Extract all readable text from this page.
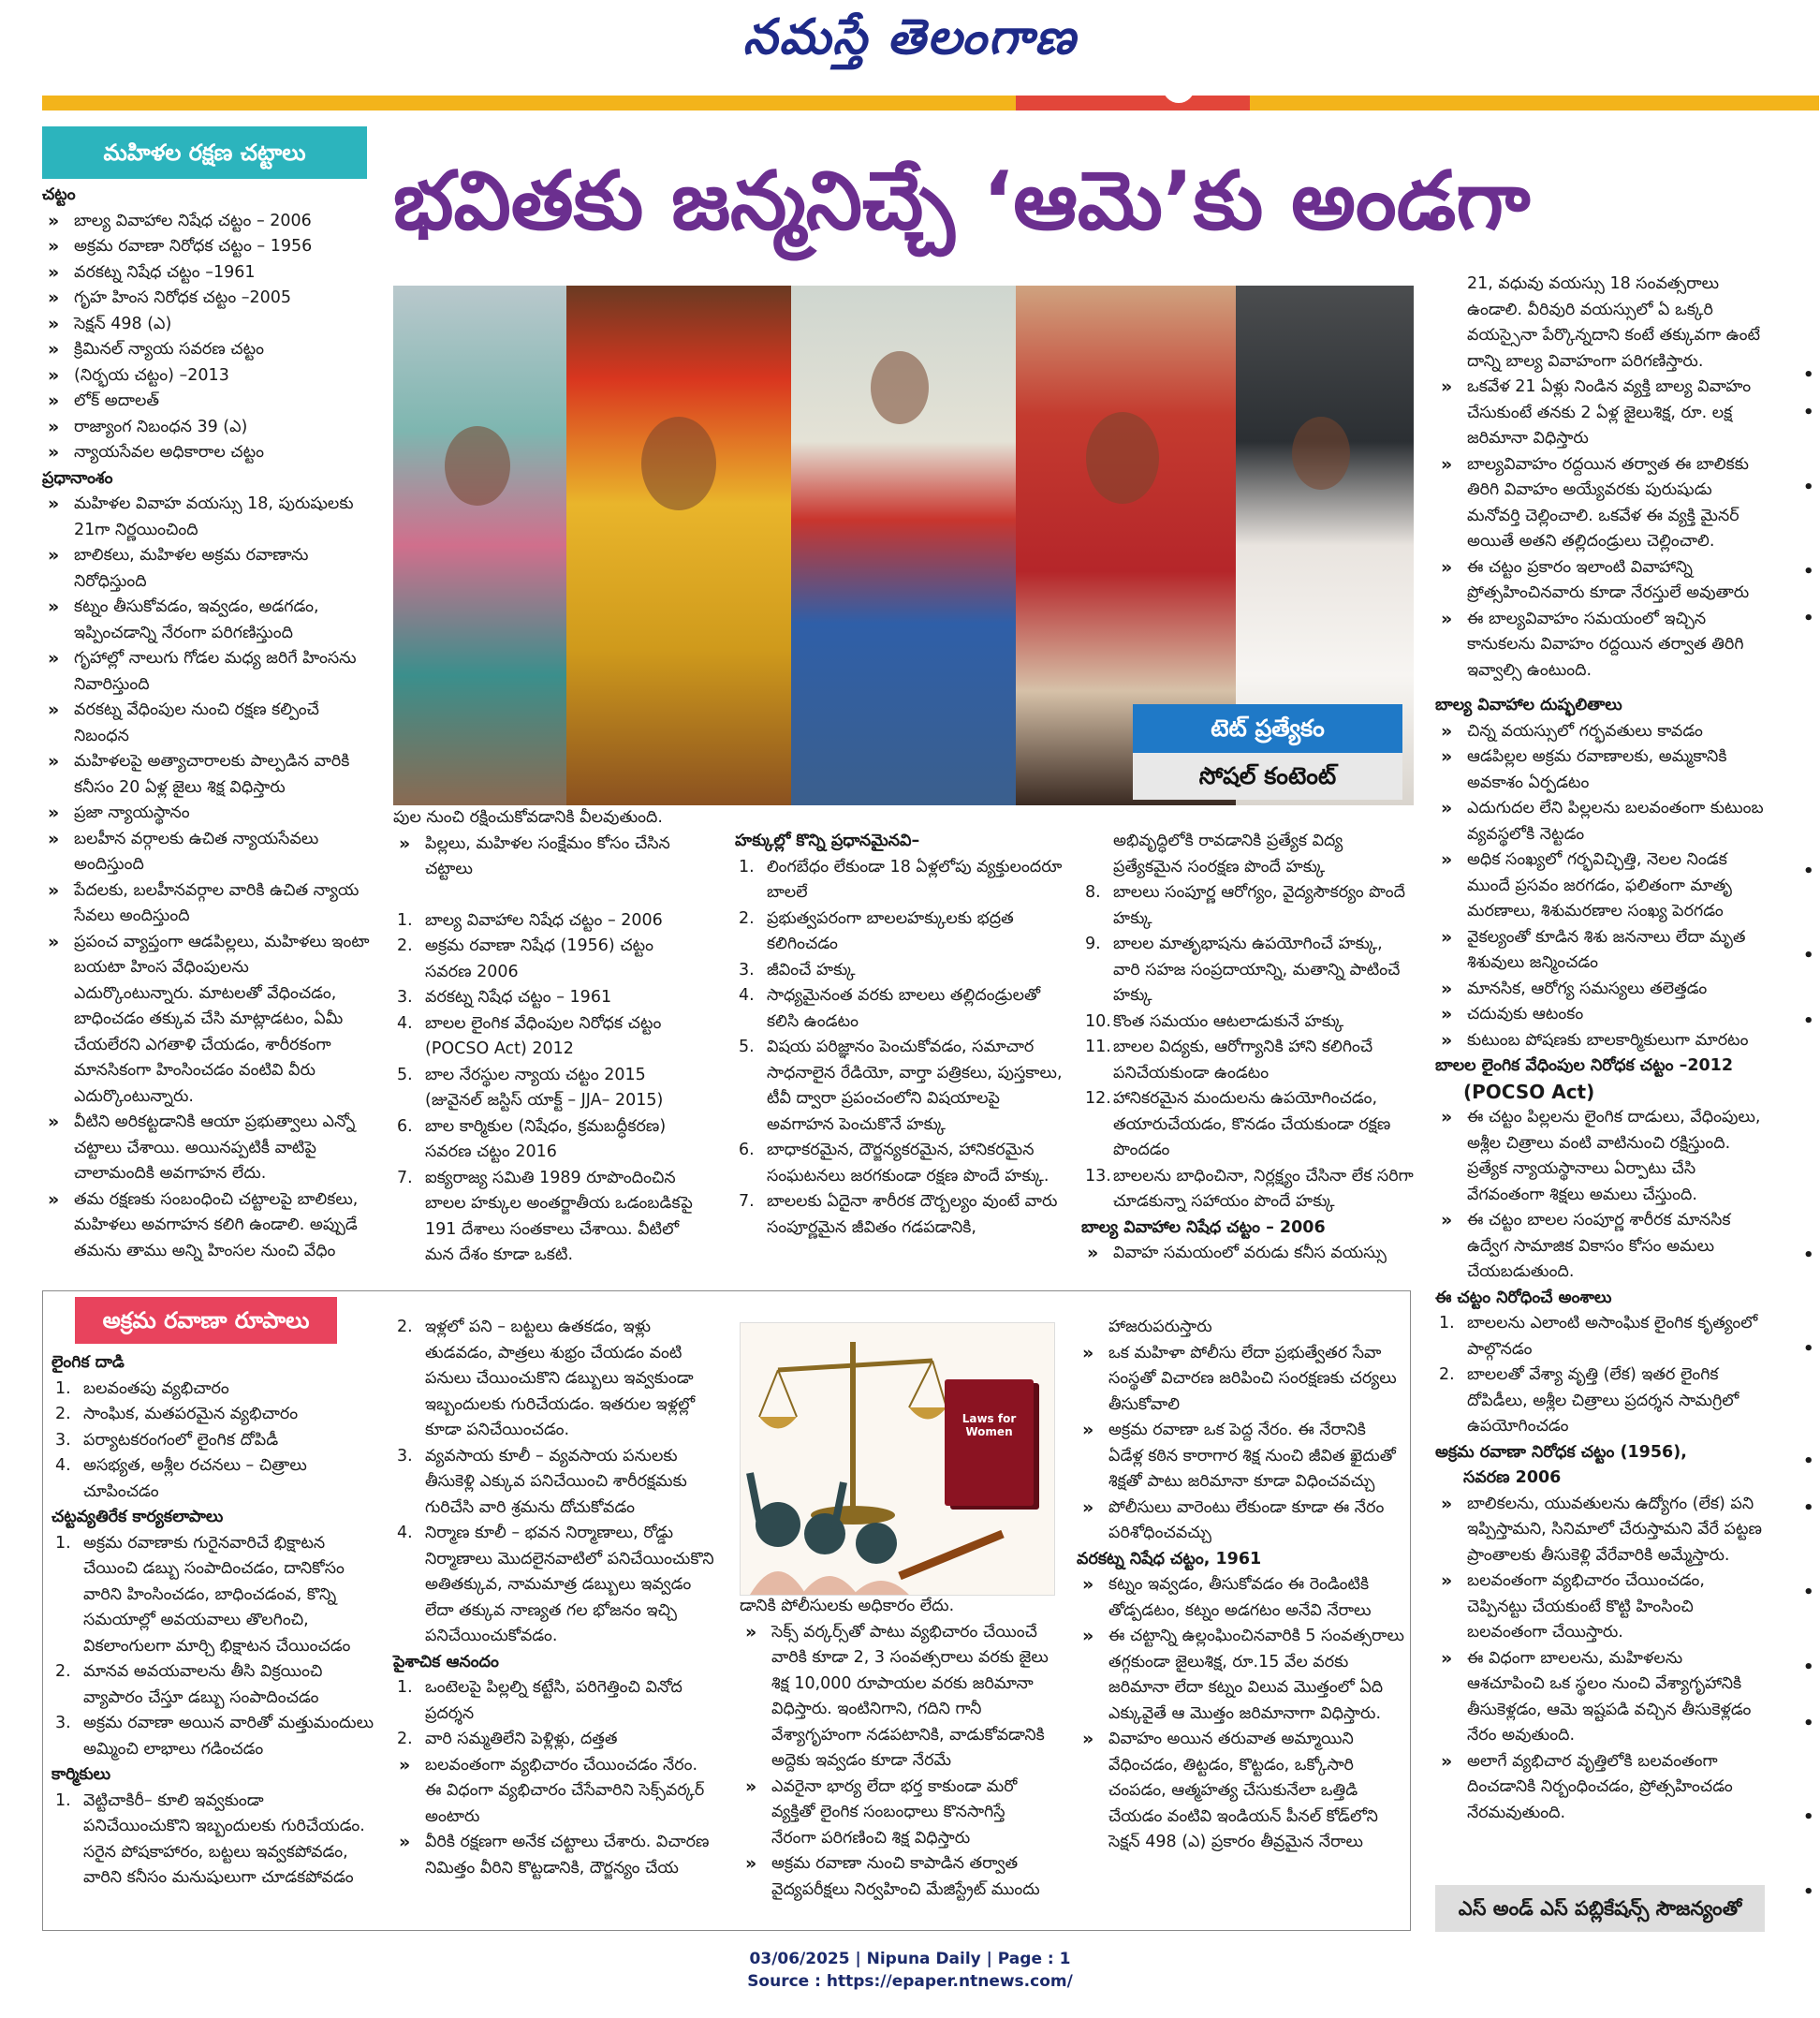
నమస్తే తెలంగాణ
మహిళల రక్షణ చట్టాలు
చట్టం
» బాల్య వివాహాల నిషేధ చట్టం – 2006
» అక్రమ రవాణా నిరోధక చట్టం – 1956
» వరకట్న నిషేధ చట్టం –1961
» గృహ హింస నిరోధక చట్టం –2005
» సెక్షన్ 498 (ఎ)
» క్రిమినల్ న్యాయ సవరణ చట్టం
» (నిర్భయ చట్టం) –2013
» లోక్ అదాలత్
» రాజ్యాంగ నిబంధన 39 (ఎ)
» న్యాయసేవల అధికారాల చట్టం
ప్రధానాంశం
» మహిళల వివాహ వయస్సు 18, పురుషులకు 21గా నిర్ణయించింది
» బాలికలు, మహిళల అక్రమ రవాణాను నిరోధిస్తుంది
» కట్నం తీసుకోవడం, ఇవ్వడం, అడగడం, ఇప్పించడాన్ని నేరంగా పరిగణిస్తుంది
» గృహాల్లో నాలుగు గోడల మధ్య జరిగే హింసను నివారిస్తుంది
» వరకట్న వేధింపుల నుంచి రక్షణ కల్పించే నిబంధన
» మహిళలపై అత్యాచారాలకు పాల్పడిన వారికి కనీసం 20 ఏళ్ల జైలు శిక్ష విధిస్తారు
» ప్రజా న్యాయస్థానం
» బలహీన వర్గాలకు ఉచిత న్యాయసేవలు అందిస్తుంది
» పేదలకు, బలహీనవర్గాల వారికి ఉచిత న్యాయ సేవలు అందిస్తుంది
» ప్రపంచ వ్యాప్తంగా ఆడపిల్లలు, మహిళలు ఇంటా బయటా హింస వేధింపులను ఎదుర్కొంటున్నారు. మాటలతో వేధించడం, బాధించడం తక్కువ చేసి మాట్లాడటం, ఏమీ చేయలేరని ఎగతాళి చేయడం, శారీరకంగా మానసికంగా హింసించడం వంటివి వీరు ఎదుర్కొంటున్నారు.
» వీటిని అరికట్టడానికి ఆయా ప్రభుత్వాలు ఎన్నో చట్టాలు చేశాయి. అయినప్పటికీ వాటిపై చాలామందికి అవగాహన లేదు.
» తమ రక్షణకు సంబంధించి చట్టాలపై బాలికలు, మహిళలు అవగాహన కలిగి ఉండాలి. అప్పుడే తమను తాము అన్ని హింసల నుంచి వేధిం
భవితకు జన్మనిచ్చే ‘ఆమె’కు అండగా
టెట్ ప్రత్యేకం
సోషల్ కంటెంట్
పుల నుంచి రక్షించుకోవడానికి వీలవుతుంది.
» పిల్లలు, మహిళల సంక్షేమం కోసం చేసిన చట్టాలు
1. బాల్య వివాహాల నిషేధ చట్టం – 2006
2. అక్రమ రవాణా నిషేధ (1956) చట్టం సవరణ 2006
3. వరకట్న నిషేధ చట్టం – 1961
4. బాలల లైంగిక వేధింపుల నిరోధక చట్టం (POCSO Act) 2012
5. బాల నేరస్థుల న్యాయ చట్టం 2015 (జువైనల్ జస్టిస్ యాక్ట్ – JJA– 2015)
6. బాల కార్మికుల (నిషేధం, క్రమబద్ధీకరణ) సవరణ చట్టం 2016
7. ఐక్యరాజ్య సమితి 1989 రూపొందించిన బాలల హక్కుల అంతర్జాతీయ ఒడంబడికపై 191 దేశాలు సంతకాలు చేశాయి. వీటిలో మన దేశం కూడా ఒకటి.
హక్కుల్లో కొన్ని ప్రధానమైనవి–
1. లింగబేధం లేకుండా 18 ఏళ్లలోపు వ్యక్తులందరూ బాలలే
2. ప్రభుత్వపరంగా బాలలహక్కులకు భద్రత కలిగించడం
3. జీవించే హక్కు
4. సాధ్యమైనంత వరకు బాలలు తల్లిదండ్రులతో కలిసి ఉండటం
5. విషయ పరిజ్ఞానం పెంచుకోవడం, సమాచార సాధనాలైన రేడియో, వార్తా పత్రికలు, పుస్తకాలు, టీవీ ద్వారా ప్రపంచంలోని విషయాలపై అవగాహన పెంచుకొనే హక్కు
6. బాధాకరమైన, దౌర్జన్యకరమైన, హానికరమైన సంఘటనలు జరగకుండా రక్షణ పొందే హక్కు.
7. బాలలకు ఏదైనా శారీరక దౌర్బల్యం వుంటే వారు సంపూర్ణమైన జీవితం గడపడానికి,
అభివృద్ధిలోకి రావడానికి ప్రత్యేక విద్య ప్రత్యేకమైన సంరక్షణ పొందే హక్కు
8. బాలలు సంపూర్ణ ఆరోగ్యం, వైద్యసౌకర్యం పొందే హక్కు
9. బాలల మాతృభాషను ఉపయోగించే హక్కు, వారి సహజ సంప్రదాయాన్ని, మతాన్ని పాటించే హక్కు
10. కొంత సమయం ఆటలాడుకునే హక్కు
11. బాలల విద్యకు, ఆరోగ్యానికి హాని కలిగించే పనిచేయకుండా ఉండటం
12. హానికరమైన మందులను ఉపయోగించడం, తయారుచేయడం, కొనడం చేయకుండా రక్షణ పొందడం
13. బాలలను బాధించినా, నిర్లక్ష్యం చేసినా లేక సరిగా చూడకున్నా సహాయం పొందే హక్కు
బాల్య వివాహాల నిషేధ చట్టం – 2006
» వివాహ సమయంలో వరుడు కనీస వయస్సు
21, వధువు వయస్సు 18 సంవత్సరాలు ఉండాలి. వీరివురి వయస్సులో ఏ ఒక్కరి వయస్సైనా పేర్కొన్నదాని కంటే తక్కువగా ఉంటే దాన్ని బాల్య వివాహంగా పరిగణిస్తారు.
» ఒకవేళ 21 ఏళ్లు నిండిన వ్యక్తి బాల్య వివాహం చేసుకుంటే తనకు 2 ఏళ్ల జైలుశిక్ష, రూ. లక్ష జరిమానా విధిస్తారు
» బాల్యవివాహం రద్దయిన తర్వాత ఈ బాలికకు తిరిగి వివాహం అయ్యేవరకు పురుషుడు మనోవర్తి చెల్లించాలి. ఒకవేళ ఈ వ్యక్తి మైనర్ అయితే అతని తల్లిదండ్రులు చెల్లించాలి.
» ఈ చట్టం ప్రకారం ఇలాంటి వివాహాన్ని ప్రోత్సహించినవారు కూడా నేరస్తులే అవుతారు
» ఈ బాల్యవివాహం సమయంలో ఇచ్చిన కానుకలను వివాహం రద్దయిన తర్వాత తిరిగి ఇవ్వాల్సి ఉంటుంది.
బాల్య వివాహాల దుష్ఫలితాలు
» చిన్న వయస్సులో గర్భవతులు కావడం
» ఆడపిల్లల అక్రమ రవాణాలకు, అమ్మకానికి అవకాశం ఏర్పడటం
» ఎదుగుదల లేని పిల్లలను బలవంతంగా కుటుంబ వ్యవస్థలోకి నెట్టడం
» అధిక సంఖ్యలో గర్భవిచ్ఛిత్తి, నెలల నిండక ముందే ప్రసవం జరగడం, ఫలితంగా మాతృ మరణాలు, శిశుమరణాల సంఖ్య పెరగడం
» వైకల్యంతో కూడిన శిశు జననాలు లేదా మృత శిశువులు జన్మించడం
» మానసిక, ఆరోగ్య సమస్యలు తలెత్తడం
» చదువుకు ఆటంకం
» కుటుంబ పోషణకు బాలకార్మికులుగా మారటం
బాలల లైంగిక వేధింపుల నిరోధక చట్టం –2012
(POCSO Act)
» ఈ చట్టం పిల్లలను లైంగిక దాడులు, వేధింపులు, అశ్లీల చిత్రాలు వంటి వాటినుంచి రక్షిస్తుంది. ప్రత్యేక న్యాయస్థానాలు ఏర్పాటు చేసి వేగవంతంగా శిక్షలు అమలు చేస్తుంది.
» ఈ చట్టం బాలల సంపూర్ణ శారీరక మానసిక ఉద్వేగ సామాజిక వికాసం కోసం అమలు చేయబడుతుంది.
ఈ చట్టం నిరోధించే అంశాలు
1. బాలలను ఎలాంటి అసాంఘిక లైంగిక కృత్యంలో పాల్గొనడం
2. బాలలతో వేశ్యా వృత్తి (లేక) ఇతర లైంగిక దోపిడీలు, అశ్లీల చిత్రాలు ప్రదర్శన సామగ్రిలో ఉపయోగించడం
అక్రమ రవాణా నిరోధక చట్టం (1956),
సవరణ 2006
» బాలికలను, యువతులను ఉద్యోగం (లేక) పని ఇప్పిస్తామని, సినిమాలో చేరుస్తామని వేరే పట్టణ ప్రాంతాలకు తీసుకెళ్లి వేరేవారికి అమ్మేస్తారు.
» బలవంతంగా వ్యభిచారం చేయించడం, చెప్పినట్టు చేయకుంటే కొట్టి హింసించి బలవంతంగా చేయిస్తారు.
» ఈ విధంగా బాలలను, మహిళలను ఆశచూపించి ఒక స్థలం నుంచి వేశ్యాగృహానికి తీసుకెళ్లడం, ఆమె ఇష్టపడి వచ్చిన తీసుకెళ్లడం నేరం అవుతుంది.
» అలాగే వ్యభిచార వృత్తిలోకి బలవంతంగా దించడానికి నిర్బంధించడం, ప్రోత్సహించడం నేరమవుతుంది.
అక్రమ రవాణా రూపాలు
లైంగిక దాడి
1. బలవంతపు వ్యభిచారం
2. సాంఘిక, మతపరమైన వ్యభిచారం
3. పర్యాటకరంగంలో లైంగిక దోపిడీ
4. అసభ్యత, అశ్లీల రచనలు – చిత్రాలు చూపించడం
చట్టవ్యతిరేక కార్యకలాపాలు
1. అక్రమ రవాణాకు గురైనవారిచే భిక్షాటన చేయించి డబ్బు సంపాదించడం, దానికోసం వారిని హింసించడం, బాధించడంవ, కొన్ని సమయాల్లో అవయవాలు తొలగించి, వికలాంగులగా మార్చి భిక్షాటన చేయించడం
2. మానవ అవయవాలను తీసి విక్రయించి వ్యాపారం చేస్తూ డబ్బు సంపాదించడం
3. అక్రమ రవాణా అయిన వారితో మత్తుమందులు అమ్మించి లాభాలు గడించడం
కార్మికులు
1. వెట్టిచాకిరీ– కూలి ఇవ్వకుండా పనిచేయించుకొని ఇబ్బందులకు గురిచేయడం. సరైన పోషకాహారం, బట్టలు ఇవ్వకపోవడం, వారిని కనీసం మనుషులుగా చూడకపోవడం
2. ఇళ్లలో పని – బట్టలు ఉతకడం, ఇళ్లు తుడవడం, పాత్రలు శుభ్రం చేయడం వంటి పనులు చేయించుకొని డబ్బులు ఇవ్వకుండా ఇబ్బందులకు గురిచేయడం. ఇతరుల ఇళ్లల్లో కూడా పనిచేయించడం.
3. వ్యవసాయ కూలీ – వ్యవసాయ పనులకు తీసుకెళ్లి ఎక్కువ పనిచేయించి శారీరక్షమకు గురిచేసి వారి శ్రమను దోచుకోవడం
4. నిర్మాణ కూలీ – భవన నిర్మాణాలు, రోడ్డు నిర్మాణాలు మొదలైనవాటిలో పనిచేయించుకొని అతితక్కువ, నామమాత్ర డబ్బులు ఇవ్వడం లేదా తక్కువ నాణ్యత గల భోజనం ఇచ్చి పనిచేయించుకోవడం.
పైశాచిక ఆనందం
1. ఒంటెలపై పిల్లల్ని కట్టేసి, పరిగెత్తించి వినోద ప్రదర్శన
2. వారి సమ్మతిలేని పెళ్లిళ్లు, దత్తత
» బలవంతంగా వ్యభిచారం చేయించడం నేరం. ఈ విధంగా వ్యభిచారం చేసేవారిని సెక్స్‌వర్కర్ అంటారు
» వీరికి రక్షణగా అనేక చట్టాలు చేశారు. విచారణ నిమిత్తం వీరిని కొట్టడానికి, దౌర్జన్యం చేయ
Laws for Women
డానికి పోలీసులకు అధికారం లేదు.
» సెక్స్ వర్కర్స్‌తో పాటు వ్యభిచారం చేయించే వారికి కూడా 2, 3 సంవత్సరాలు వరకు జైలు శిక్ష 10,000 రూపాయల వరకు జరిమానా విధిస్తారు. ఇంటినిగాని, గదిని గానీ వేశ్యాగృహంగా నడపటానికి, వాడుకోవడానికి అద్దెకు ఇవ్వడం కూడా నేరమే
» ఎవరైనా భార్య లేదా భర్త కాకుండా మరో వ్యక్తితో లైంగిక సంబంధాలు కొనసాగిస్తే నేరంగా పరిగణించి శిక్ష విధిస్తారు
» అక్రమ రవాణా నుంచి కాపాడిన తర్వాత వైద్యపరీక్షలు నిర్వహించి మేజిస్ట్రేట్ ముందు
హాజరుపరుస్తారు
» ఒక మహిళా పోలీసు లేదా ప్రభుత్వేతర సేవా సంస్థతో విచారణ జరిపించి సంరక్షణకు చర్యలు తీసుకోవాలి
» అక్రమ రవాణా ఒక పెద్ద నేరం. ఈ నేరానికి ఏడేళ్ల కఠిన కారాగార శిక్ష నుంచి జీవిత ఖైదుతో శిక్షతో పాటు జరిమానా కూడా విధించవచ్చు
» పోలీసులు వారెంటు లేకుండా కూడా ఈ నేరం పరిశోధించవచ్చు
వరకట్న నిషేధ చట్టం, 1961
» కట్నం ఇవ్వడం, తీసుకోవడం ఈ రెండింటికి తోడ్పడటం, కట్నం అడగటం అనేవి నేరాలు
» ఈ చట్టాన్ని ఉల్లంఘించినవారికి 5 సంవత్సరాలు తగ్గకుండా జైలుశిక్ష, రూ.15 వేల వరకు జరిమానా లేదా కట్నం విలువ మొత్తంలో ఏది ఎక్కువైతే ఆ మొత్తం జరిమానాగా విధిస్తారు.
» వివాహం అయిన తరువాత అమ్మాయిని వేధించడం, తిట్టడం, కొట్టడం, ఒక్కోసారి చంపడం, ఆత్మహత్య చేసుకునేలా ఒత్తిడి చేయడం వంటివి ఇండియన్ పీనల్ కోడ్‌లోని సెక్షన్ 498 (ఎ) ప్రకారం తీవ్రమైన నేరాలు
ఎస్ అండ్ ఎస్ పబ్లికేషన్స్ సౌజన్యంతో
03/06/2025 | Nipuna Daily | Page : 1
Source : https://epaper.ntnews.com/
•
•
•
•
•
•
•
•
•
•
•
•
•
•
•
•
•
